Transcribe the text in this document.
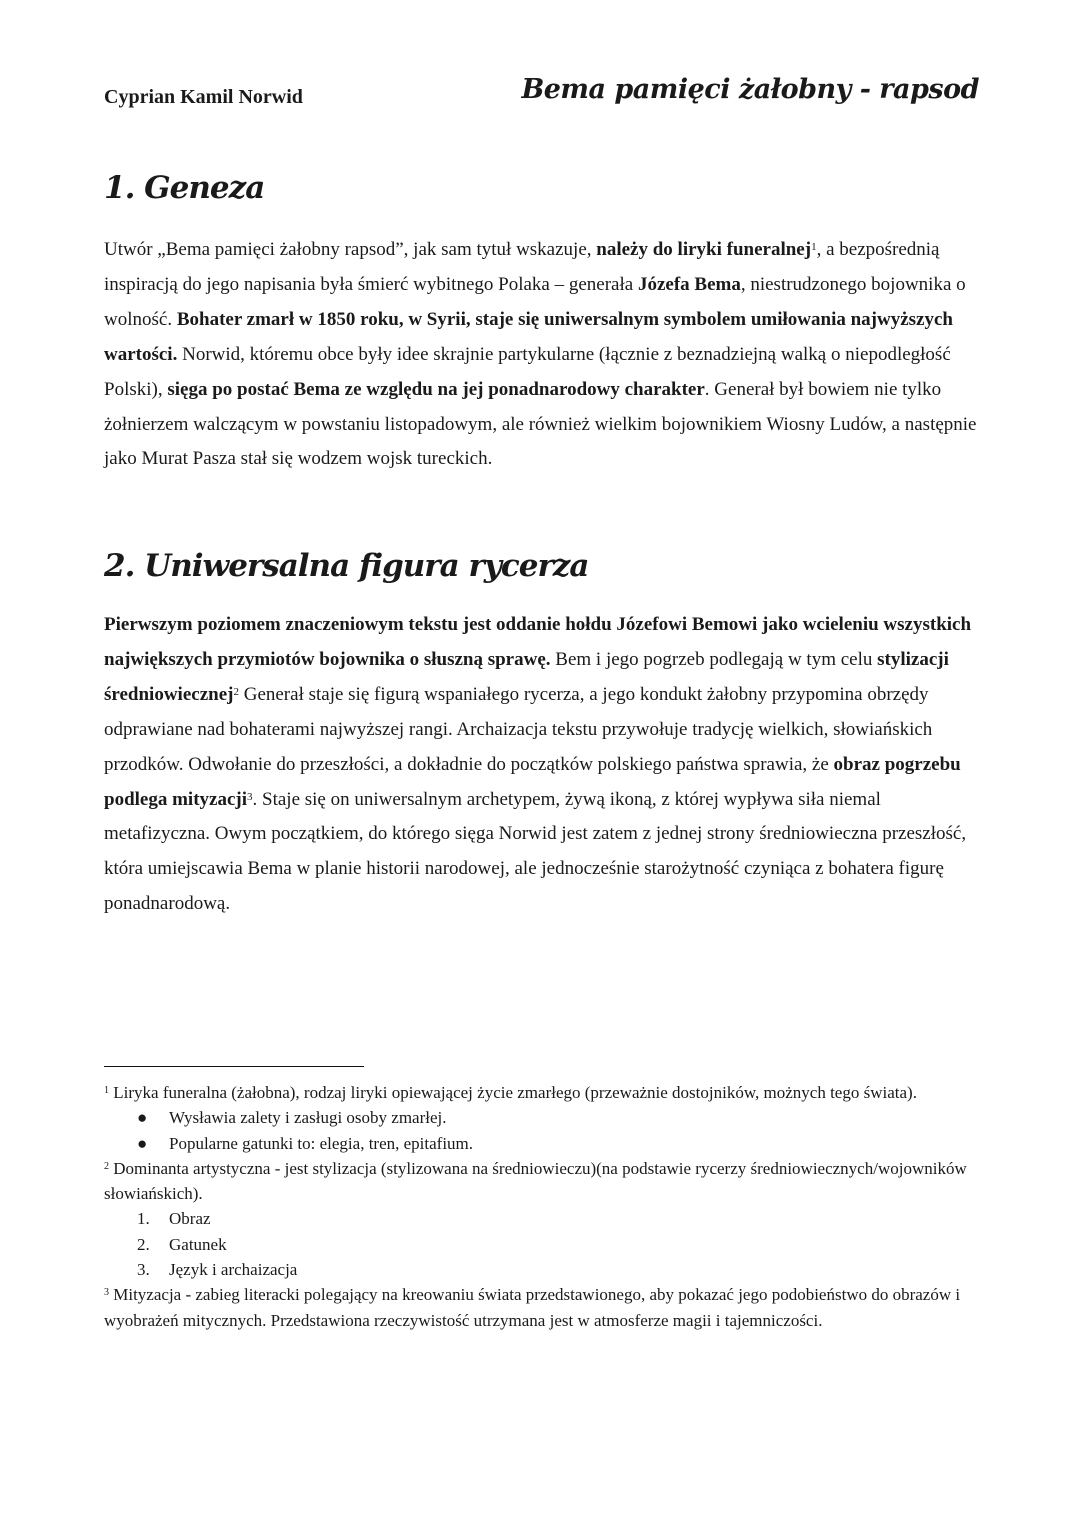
Cyprian Kamil Norwid	Bema pamięci żałobny - rapsod
1. Geneza

Utwór „Bema pamięci żałobny rapsod”, jak sam tytuł wskazuje, należy do liryki funeralnej$^1$, a bezpośrednią inspiracją do jego napisania była śmierć wybitnego Polaka – generała Józefa Bema, niestrudzonego bojownika o wolność. Bohater zmarł w 1850 roku, w Syrii, staje się uniwersalnym symbolem umiłowania najwyższych wartości. Norwid, któremu obce były idee skrajnie partykularne (łącznie z beznadziejną walką o niepodległość Polski), sięga po postać Bema ze względu na jej ponadnarodowy charakter. Generał był bowiem nie tylko żołnierzem walczącym w powstaniu listopadowym, ale również wielkim bojownikiem Wiosny Ludów, a następnie jako Murat Pasza stał się wodzem wojsk tureckich.

2. Uniwersalna figura rycerza

Pierwszym poziomem znaczeniowym tekstu jest oddanie hołdu Józefowi Bemowi jako wcieleniu wszystkich największych przymiotów bojownika o słuszną sprawę. Bem i jego pogrzeb podlegają w tym celu stylizacji średniowiecznej$^2$ Generał staje się figurą wspaniałego rycerza, a jego kondukt żałobny przypomina obrzędy odprawiane nad bohaterami najwyższej rangi. Archaizacja tekstu przywołuje tradycję wielkich, słowiańskich przodków. Odwołanie do przeszłości, a dokładnie do początków polskiego państwa sprawia, że obraz pogrzebu podlega mityzacji$^3$. Staje się on uniwersalnym archetypem, żywą ikoną, z której wypływa siła niemal metafizyczna. Owym początkiem, do którego sięga Norwid jest zatem z jednej strony średniowieczna przeszłość, która umiejscawia Bema w planie historii narodowej, ale jednocześnie starożytność czyniąca z bohatera figurę ponadnarodową.

$^1$ Liryka funeralna (żałobna), rodzaj liryki opiewającej życie zmarłego (przeważnie dostojników, możnych tego świata).

●	Wysławia zalety i zasługi osoby zmarłej.
●	Popularne gatunki to: elegia, tren, epitafium.

$^2$ Dominanta artystyczna - jest stylizacja (stylizowana na średniowieczu)(na podstawie rycerzy średniowiecznych/wojowników słowiańskich).

1.	Obraz
2.	Gatunek
3.	Język i archaizacja

$^3$ Mityzacja - zabieg literacki polegający na kreowaniu świata przedstawionego, aby pokazać jego podobieństwo do obrazów i wyobrażeń mitycznych. Przedstawiona rzeczywistość utrzymana jest w atmosferze magii i tajemniczości.
